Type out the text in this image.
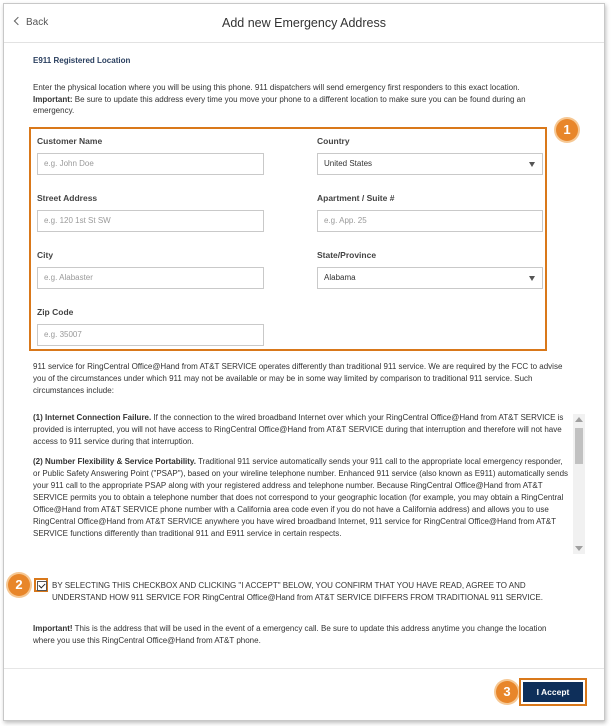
Back	Add new Emergency Address
E911 Registered Location
Enter the physical location where you will be using this phone. 911 dispatchers will send emergency first responders to this exact location.
Important: Be sure to update this address every time you move your phone to a different location to make sure you can be found during an emergency.
Customer Name
e.g. John Doe
Country
United States
Street Address
e.g. 120 1st St SW
Apartment / Suite #
e.g. App. 25
City
e.g. Alabaster
State/Province
Alabama
Zip Code
e.g. 35007
1
911 service for RingCentral Office@Hand from AT&T SERVICE operates differently than traditional 911 service. We are required by the FCC to advise you of the circumstances under which 911 may not be available or may be in some way limited by comparison to traditional 911 service. Such circumstances include:

(1) Internet Connection Failure. If the connection to the wired broadband Internet over which your RingCentral Office@Hand from AT&T SERVICE is provided is interrupted, you will not have access to RingCentral Office@Hand from AT&T SERVICE during that interruption and therefore will not have access to 911 service during that interruption.

(2) Number Flexibility & Service Portability. Traditional 911 service automatically sends your 911 call to the appropriate local emergency responder, or Public Safety Answering Point ("PSAP"), based on your wireline telephone number. Enhanced 911 service (also known as E911) automatically sends your 911 call to the appropriate PSAP along with your registered address and telephone number. Because RingCentral Office@Hand from AT&T SERVICE permits you to obtain a telephone number that does not correspond to your geographic location (for example, you may obtain a RingCentral Office@Hand from AT&T SERVICE phone number with a California area code even if you do not have a California address) and allows you to use RingCentral Office@Hand from AT&T SERVICE anywhere you have wired broadband Internet, 911 service for RingCentral Office@Hand from AT&T SERVICE functions differently than traditional 911 and E911 service in certain respects.

2	BY SELECTING THIS CHECKBOX AND CLICKING "I ACCEPT" BELOW, YOU CONFIRM THAT YOU HAVE READ, AGREE TO AND UNDERSTAND HOW 911 SERVICE FOR RingCentral Office@Hand from AT&T SERVICE DIFFERS FROM TRADITIONAL 911 SERVICE.
Important! This is the address that will be used in the event of a emergency call. Be sure to update this address anytime you change the location where you use this RingCentral Office@Hand from AT&T phone.
3	I Accept
